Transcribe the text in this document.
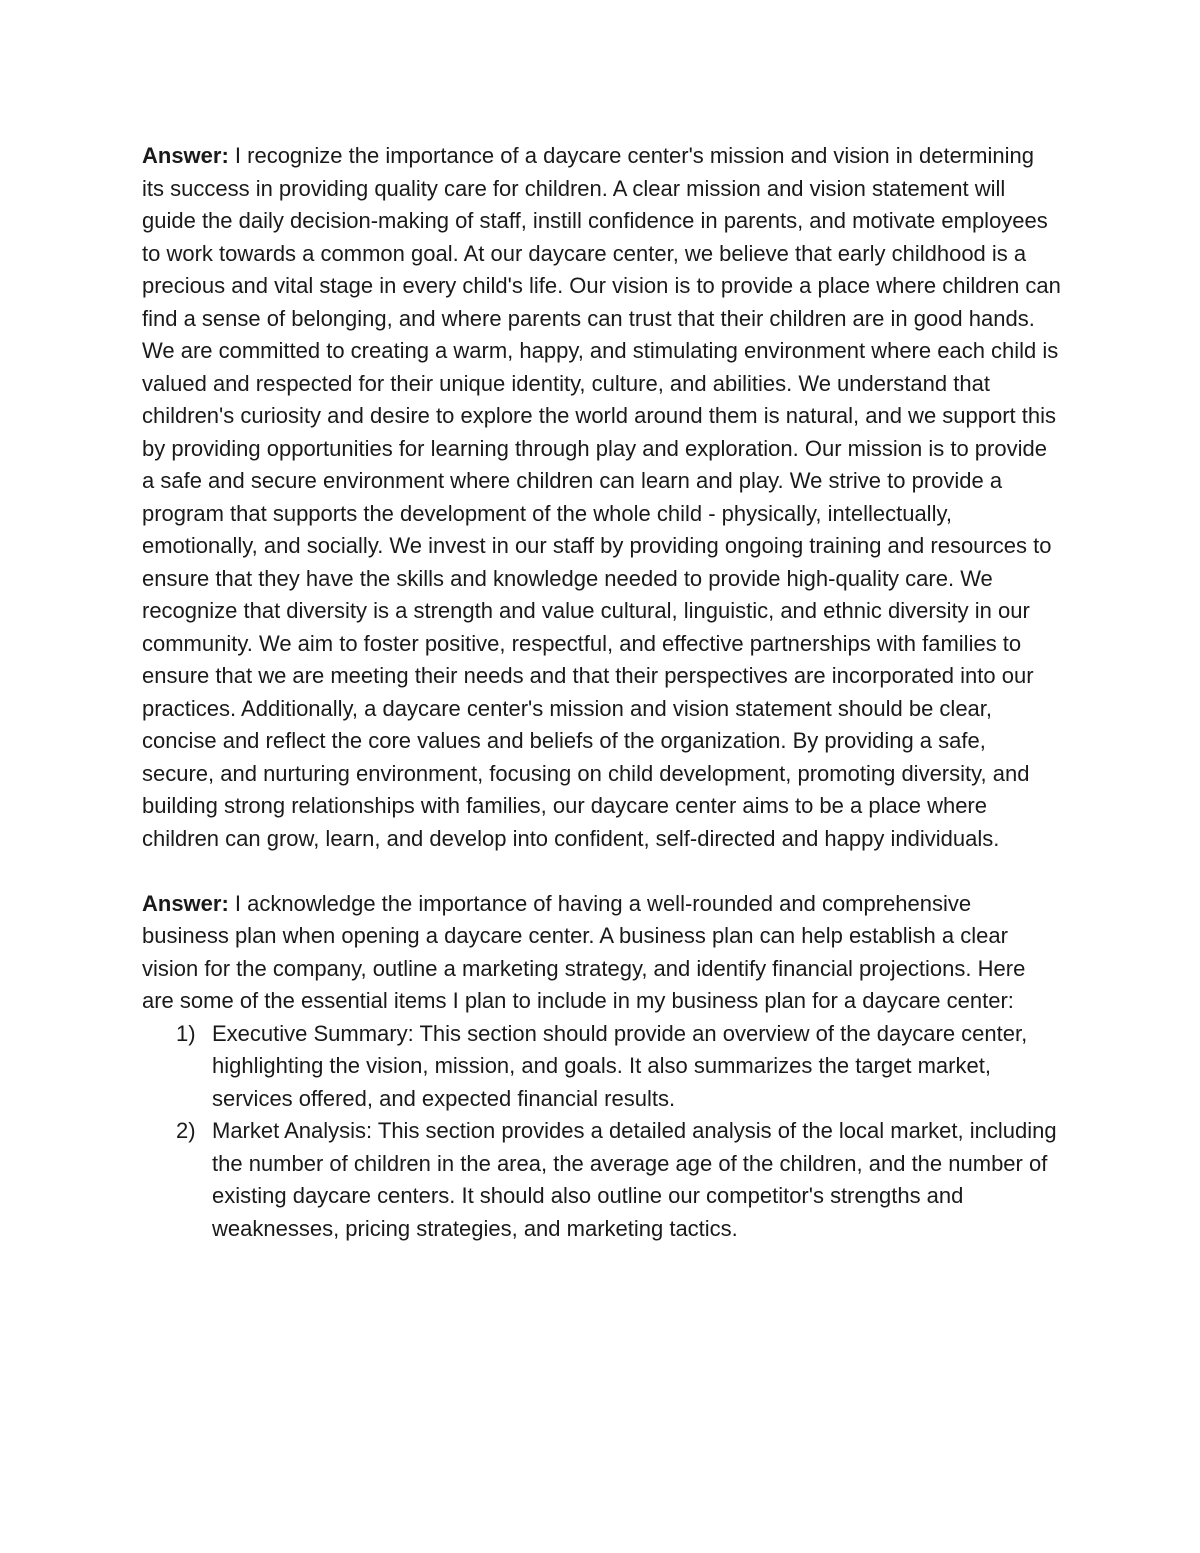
Answer: I recognize the importance of a daycare center's mission and vision in determining its success in providing quality care for children. A clear mission and vision statement will guide the daily decision-making of staff, instill confidence in parents, and motivate employees to work towards a common goal. At our daycare center, we believe that early childhood is a precious and vital stage in every child's life. Our vision is to provide a place where children can find a sense of belonging, and where parents can trust that their children are in good hands. We are committed to creating a warm, happy, and stimulating environment where each child is valued and respected for their unique identity, culture, and abilities. We understand that children's curiosity and desire to explore the world around them is natural, and we support this by providing opportunities for learning through play and exploration. Our mission is to provide a safe and secure environment where children can learn and play. We strive to provide a program that supports the development of the whole child - physically, intellectually, emotionally, and socially. We invest in our staff by providing ongoing training and resources to ensure that they have the skills and knowledge needed to provide high-quality care. We recognize that diversity is a strength and value cultural, linguistic, and ethnic diversity in our community. We aim to foster positive, respectful, and effective partnerships with families to ensure that we are meeting their needs and that their perspectives are incorporated into our practices. Additionally, a daycare center's mission and vision statement should be clear, concise and reflect the core values and beliefs of the organization. By providing a safe, secure, and nurturing environment, focusing on child development, promoting diversity, and building strong relationships with families, our daycare center aims to be a place where children can grow, learn, and develop into confident, self-directed and happy individuals.

Answer: I acknowledge the importance of having a well-rounded and comprehensive business plan when opening a daycare center. A business plan can help establish a clear vision for the company, outline a marketing strategy, and identify financial projections. Here are some of the essential items I plan to include in my business plan for a daycare center:

1) Executive Summary: This section should provide an overview of the daycare center, highlighting the vision, mission, and goals. It also summarizes the target market, services offered, and expected financial results.
2) Market Analysis: This section provides a detailed analysis of the local market, including the number of children in the area, the average age of the children, and the number of existing daycare centers. It should also outline our competitor's strengths and weaknesses, pricing strategies, and marketing tactics.
